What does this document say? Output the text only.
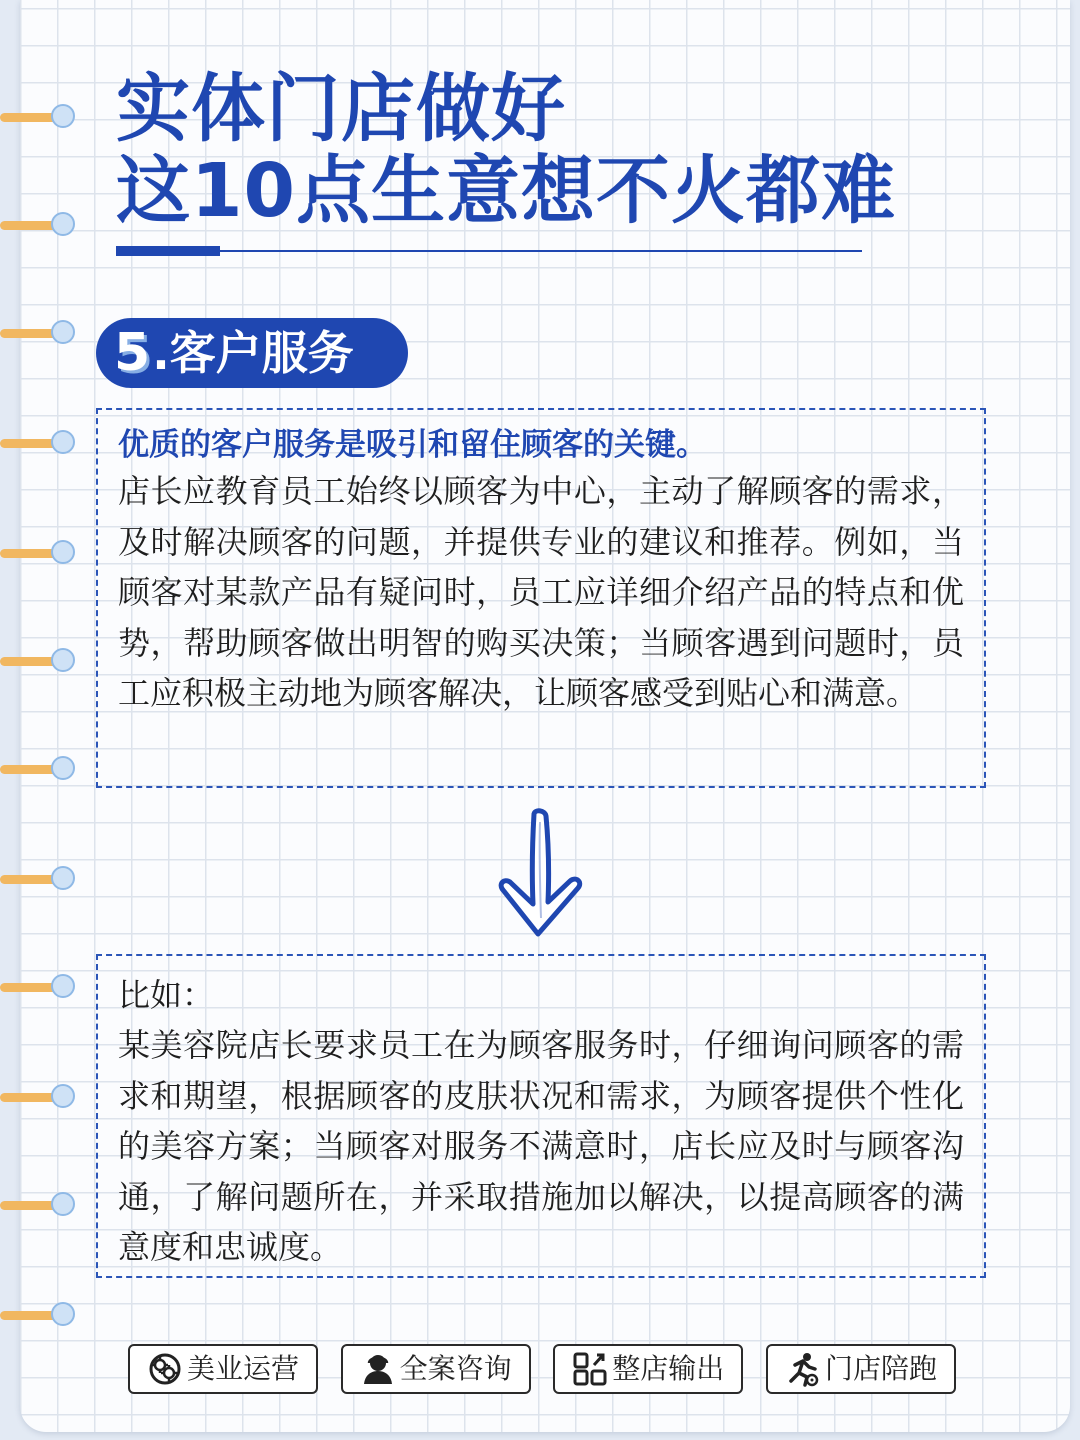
实体门店做好
这10点生意想不火都难
5 .客户服务

优质的客户服务是吸引和留住顾客的关键。

店长应教育员工始终以顾客为中心，主动了解顾客的需求，及时解决顾客的问题，并提供专业的建议和推荐。例如，当顾客对某款产品有疑问时，员工应详细介绍产品的特点和优势，帮助顾客做出明智的购买决策；当顾客遇到问题时，员工应积极主动地为顾客解决，让顾客感受到贴心和满意。

比如：

某美容院店长要求员工在为顾客服务时，仔细询问顾客的需求和期望，根据顾客的皮肤状况和需求，为顾客提供个性化的美容方案；当顾客对服务不满意时，店长应及时与顾客沟通，了解问题所在，并采取措施加以解决，以提高顾客的满意度和忠诚度。

美业运营	全案咨询	整店输出	门店陪跑
